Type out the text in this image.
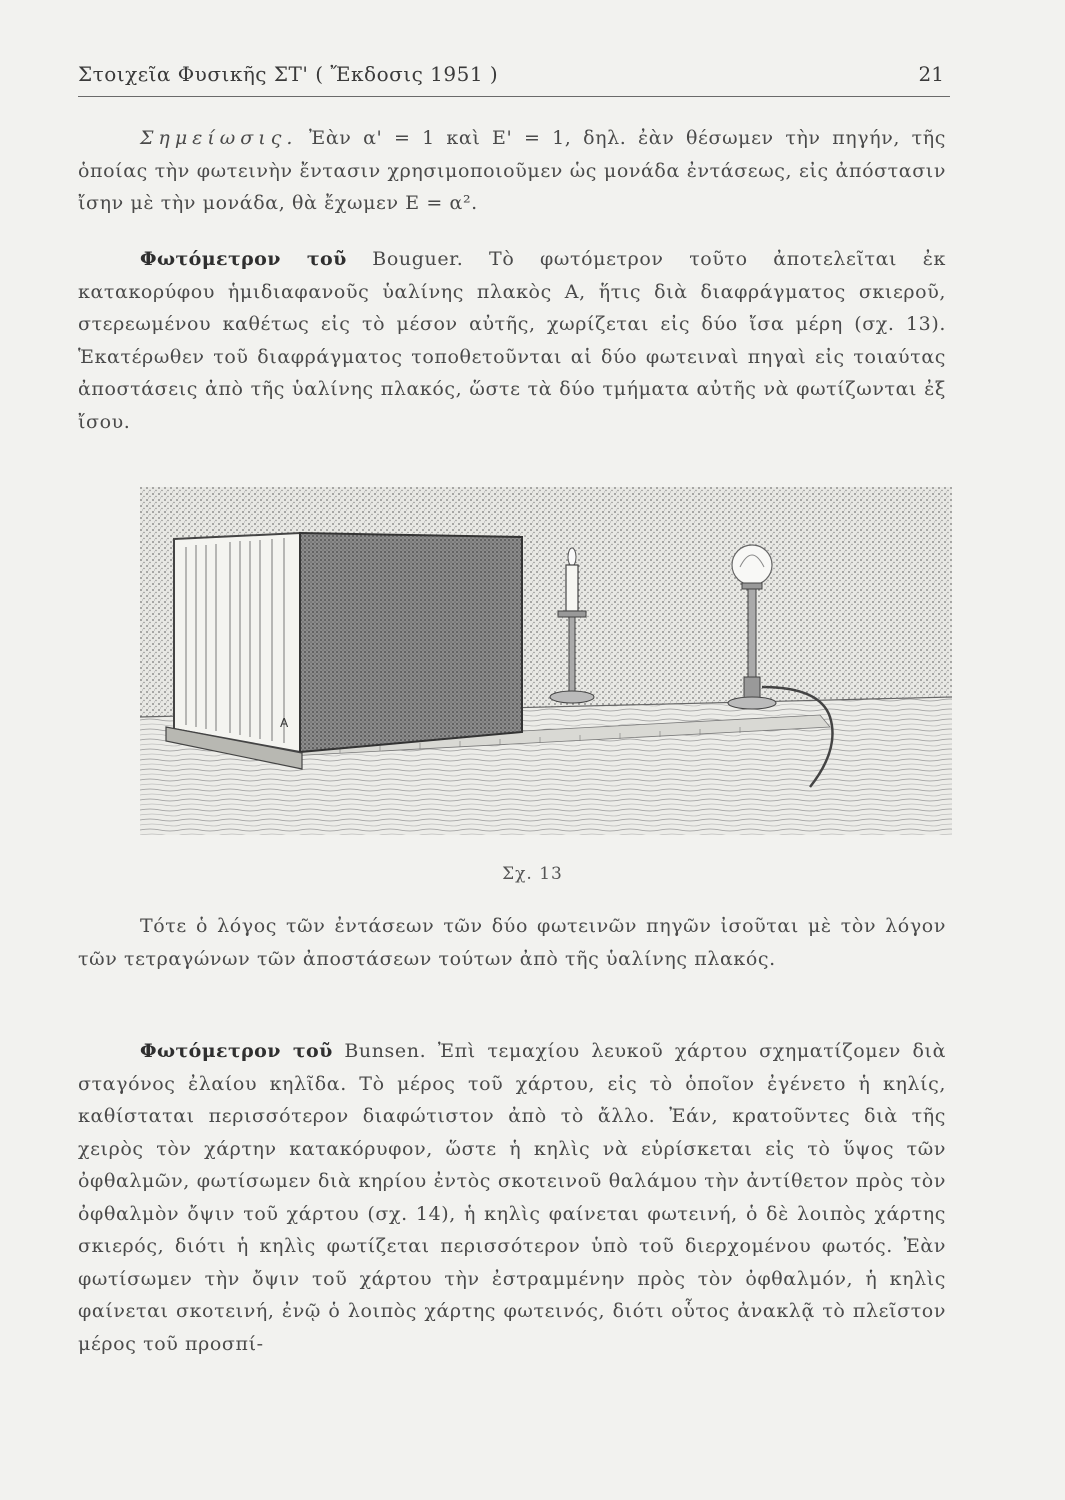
Στοιχεῖα Φυσικῆς ΣΤ' ( Ἔκδοσις 1951 )	21

Σημείωσις. Ἐὰν α' = 1 καὶ E' = 1, δηλ. ἐὰν θέσωμεν τὴν πηγήν, τῆς ὁποίας τὴν φωτεινὴν ἔντασιν χρησιμοποιοῦμεν ὡς μονάδα ἐντάσεως, εἰς ἀπόστασιν ἴσην μὲ τὴν μονάδα, θὰ ἔχωμεν E = α².

Φωτόμετρον τοῦ Bouguer. Τὸ φωτόμετρον τοῦτο ἀποτελεῖται ἐκ κατακορύφου ἡμιδιαφανοῦς ὑαλίνης πλακὸς A, ἥτις διὰ διαφράγματος σκιεροῦ, στερεωμένου καθέτως εἰς τὸ μέσον αὐτῆς, χωρίζεται εἰς δύο ἴσα μέρη (σχ. 13). Ἑκατέρωθεν τοῦ διαφράγματος τοποθετοῦνται αἱ δύο φωτειναὶ πηγαὶ εἰς τοιαύτας ἀποστάσεις ἀπὸ τῆς ὑαλίνης πλακός, ὥστε τὰ δύο τμήματα αὐτῆς νὰ φωτίζωνται ἐξ ἴσου.

A
Σχ. 13

Τότε ὁ λόγος τῶν ἐντάσεων τῶν δύο φωτεινῶν πηγῶν ἰσοῦται μὲ τὸν λόγον τῶν τετραγώνων τῶν ἀποστάσεων τούτων ἀπὸ τῆς ὑαλίνης πλακός.

Φωτόμετρον τοῦ Bunsen. Ἐπὶ τεμαχίου λευκοῦ χάρτου σχηματίζομεν διὰ σταγόνος ἐλαίου κηλῖδα. Τὸ μέρος τοῦ χάρτου, εἰς τὸ ὁποῖον ἐγένετο ἡ κηλίς, καθίσταται περισσότερον διαφώτιστον ἀπὸ τὸ ἄλλο. Ἐάν, κρατοῦντες διὰ τῆς χειρὸς τὸν χάρτην κατακόρυφον, ὥστε ἡ κηλὶς νὰ εὑρίσκεται εἰς τὸ ὕψος τῶν ὀφθαλμῶν, φωτίσωμεν διὰ κηρίου ἐντὸς σκοτεινοῦ θαλάμου τὴν ἀντίθετον πρὸς τὸν ὀφθαλμὸν ὄψιν τοῦ χάρτου (σχ. 14), ἡ κηλὶς φαίνεται φωτεινή, ὁ δὲ λοιπὸς χάρτης σκιερός, διότι ἡ κηλὶς φωτίζεται περισσότερον ὑπὸ τοῦ διερχομένου φωτός. Ἐὰν φωτίσωμεν τὴν ὄψιν τοῦ χάρτου τὴν ἐστραμμένην πρὸς τὸν ὀφθαλμόν, ἡ κηλὶς φαίνεται σκοτεινή, ἐνῷ ὁ λοιπὸς χάρτης φωτεινός, διότι οὗτος ἀνακλᾷ τὸ πλεῖστον μέρος τοῦ προσπί-
